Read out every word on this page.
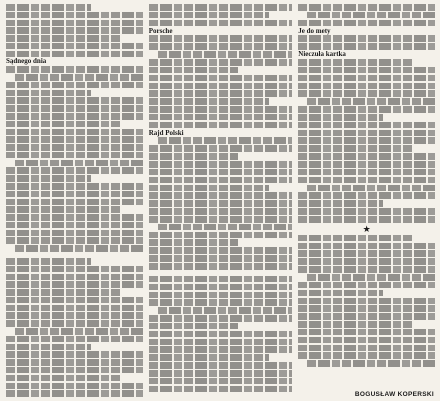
Sądnego dnia
Porsche
Rajd Polski
Je do mety
Nieczuła kartka
★
BOGUSŁAW KOPERSKI
